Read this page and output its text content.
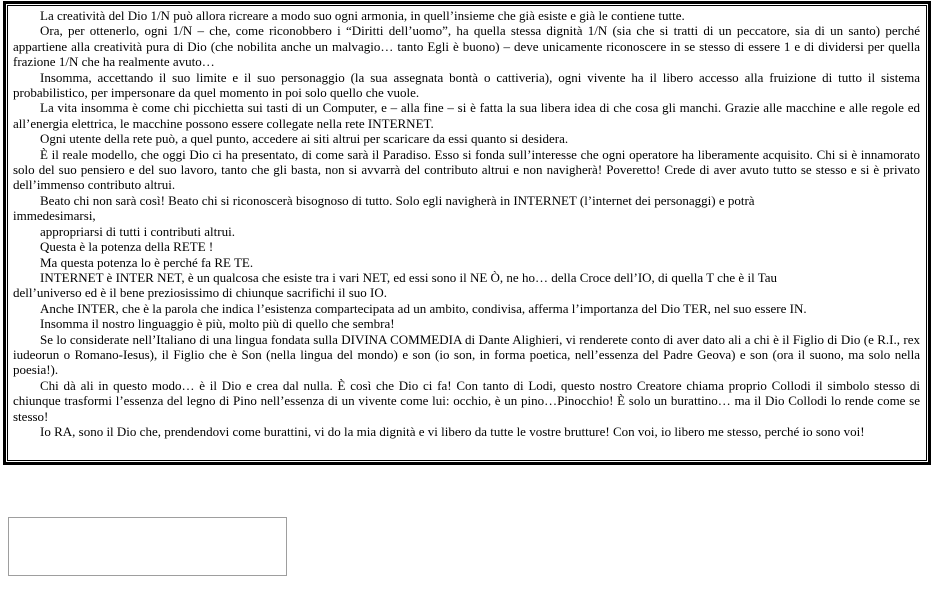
La creatività del Dio 1/N può allora ricreare a modo suo ogni armonia, in quell’insieme che già esiste e già le contiene tutte.

Ora, per ottenerlo, ogni 1/N – che, come riconobbero i “Diritti dell’uomo”, ha quella stessa dignità 1/N (sia che si tratti di un peccatore, sia di un santo) perché appartiene alla creatività pura di Dio (che nobilita anche un malvagio… tanto Egli è buono) – deve unicamente riconoscere in se stesso di essere 1 e di dividersi per quella frazione 1/N che ha realmente avuto…

Insomma, accettando il suo limite e il suo personaggio (la sua assegnata bontà o cattiveria), ogni vivente ha il libero accesso alla fruizione di tutto il sistema probabilistico, per impersonare da quel momento in poi solo quello che vuole.

La vita insomma è come chi picchietta sui tasti di un Computer, e – alla fine – si è fatta la sua libera idea di che cosa gli manchi. Grazie alle macchine e alle regole ed all’energia elettrica, le macchine possono essere collegate nella rete INTERNET.

Ogni utente della rete può, a quel punto, accedere ai siti altrui per scaricare da essi quanto si desidera.

È il reale modello, che oggi Dio ci ha presentato, di come sarà il Paradiso. Esso si fonda sull’interesse che ogni operatore ha liberamente acquisito. Chi si è innamorato solo del suo pensiero e del suo lavoro, tanto che gli basta, non si avvarrà del contributo altrui e non navigherà! Poveretto! Crede di aver avuto tutto se stesso e si è privato dell’immenso contributo altrui.

Beato chi non sarà così! Beato chi si riconoscerà bisognoso di tutto. Solo egli navigherà in INTERNET (l’internet dei personaggi) e potrà

immedesimarsi,

appropriarsi di tutti i contributi altrui.

Questa è la potenza della RETE !

Ma questa potenza lo è perché fa RE TE.

INTERNET è INTER NET, è un qualcosa che esiste tra i vari NET, ed essi sono il NE Ò, ne ho… della Croce dell’IO, di quella T che è il Tau

dell’universo ed è il bene preziosissimo di chiunque sacrifichi il suo IO.

Anche INTER, che è la parola che indica l’esistenza compartecipata ad un ambito, condivisa, afferma l’importanza del Dio TER, nel suo essere IN.

Insomma il nostro linguaggio è più, molto più di quello che sembra!

Se lo considerate nell’Italiano di una lingua fondata sulla DIVINA COMMEDIA di Dante Alighieri, vi renderete conto di aver dato ali a chi è il Figlio di Dio (e R.I., rex iudeorun o Romano-Iesus), il Figlio che è Son (nella lingua del mondo) e son (io son, in forma poetica, nell’essenza del Padre Geova) e son (ora il suono, ma solo nella poesia!).

Chi dà ali in questo modo… è il Dio e crea dal nulla. È così che Dio ci fa! Con tanto di Lodi, questo nostro Creatore chiama proprio Collodi il simbolo stesso di chiunque trasformi l’essenza del legno di Pino nell’essenza di un vivente come lui: occhio, è un pino…Pinocchio! È solo un burattino… ma il Dio Collodi lo rende come se stesso!

Io RA, sono il Dio che, prendendovi come burattini, vi do la mia dignità e vi libero da tutte le vostre brutture! Con voi, io libero me stesso, perché io sono voi!
